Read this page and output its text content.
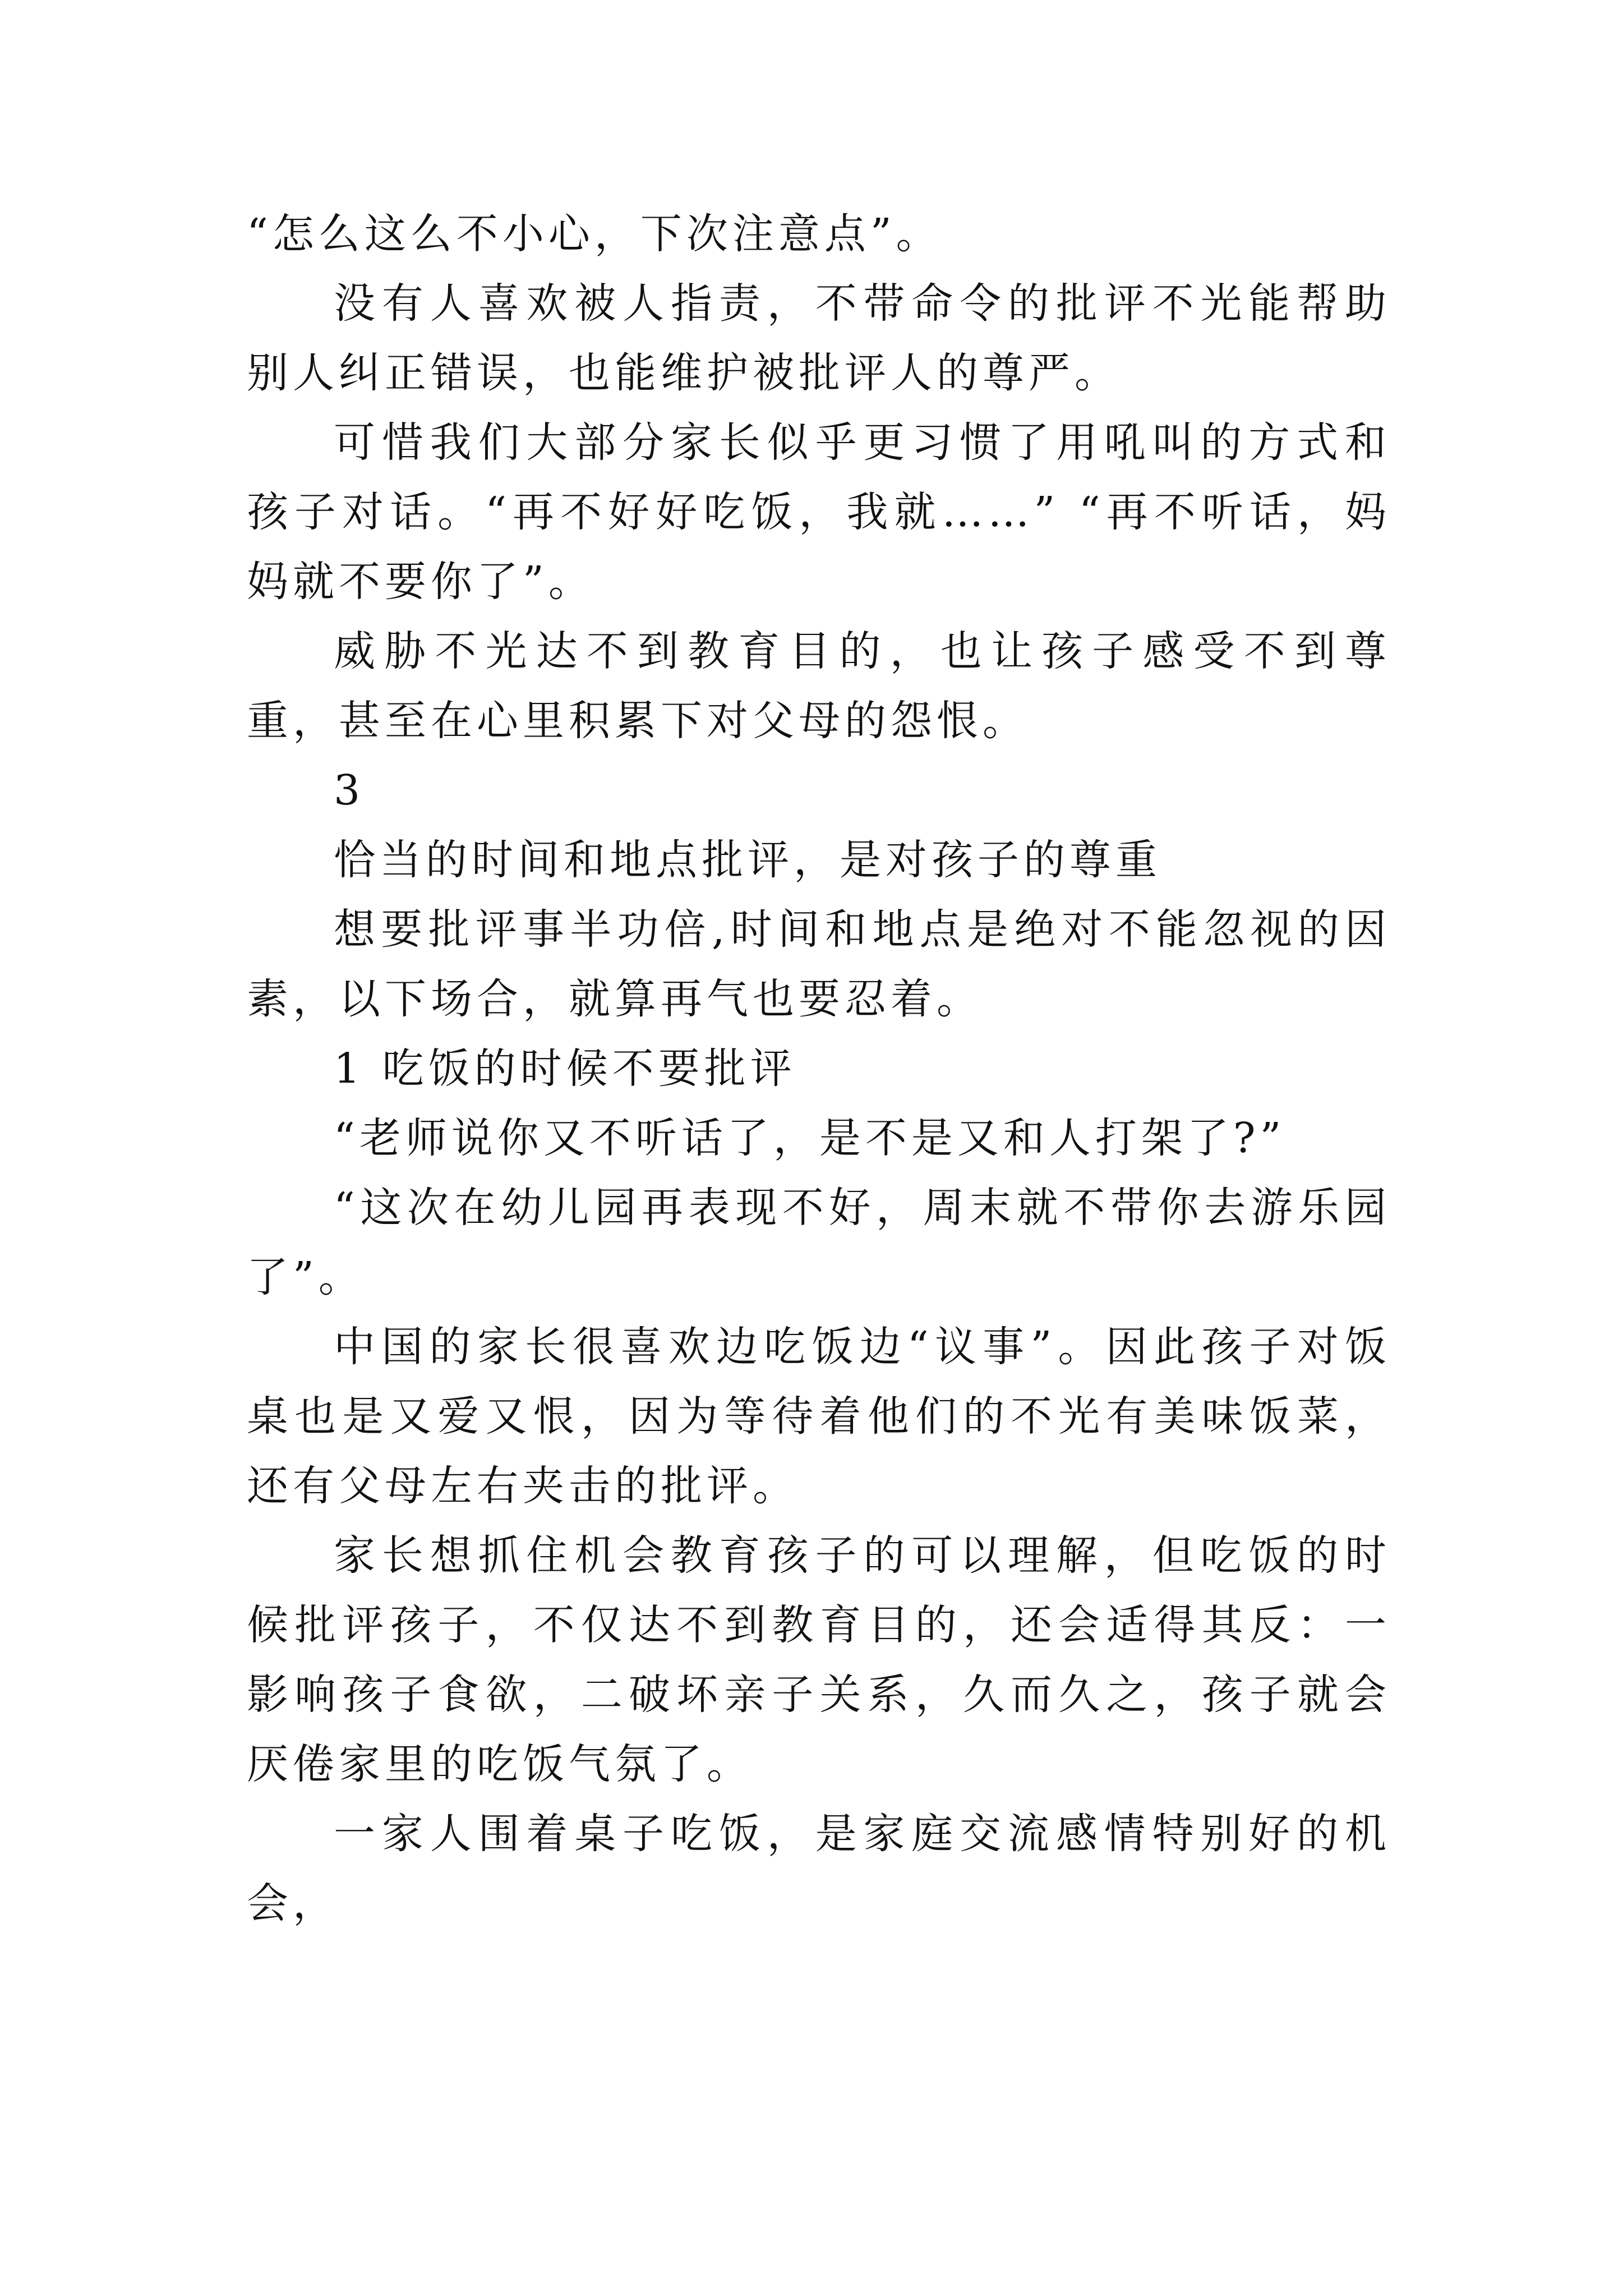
“怎么这么不小心，下次注意点”。

没有人喜欢被人指责，不带命令的批评不光能帮助别人纠正错误，也能维护被批评人的尊严。

可惜我们大部分家长似乎更习惯了用吼叫的方式和孩子对话。“再不好好吃饭，我就……” “再不听话，妈妈就不要你了”。

威胁不光达不到教育目的，也让孩子感受不到尊重，甚至在心里积累下对父母的怨恨。

3

恰当的时间和地点批评，是对孩子的尊重

想要批评事半功倍,时间和地点是绝对不能忽视的因素，以下场合，就算再气也要忍着。

1 吃饭的时候不要批评

“老师说你又不听话了，是不是又和人打架了?”

“这次在幼儿园再表现不好，周末就不带你去游乐园了”。

中国的家长很喜欢边吃饭边“议事”。因此孩子对饭桌也是又爱又恨，因为等待着他们的不光有美味饭菜，还有父母左右夹击的批评。

家长想抓住机会教育孩子的可以理解，但吃饭的时候批评孩子，不仅达不到教育目的，还会适得其反：一影响孩子食欲，二破坏亲子关系，久而久之，孩子就会厌倦家里的吃饭气氛了。

一家人围着桌子吃饭，是家庭交流感情特别好的机会，
